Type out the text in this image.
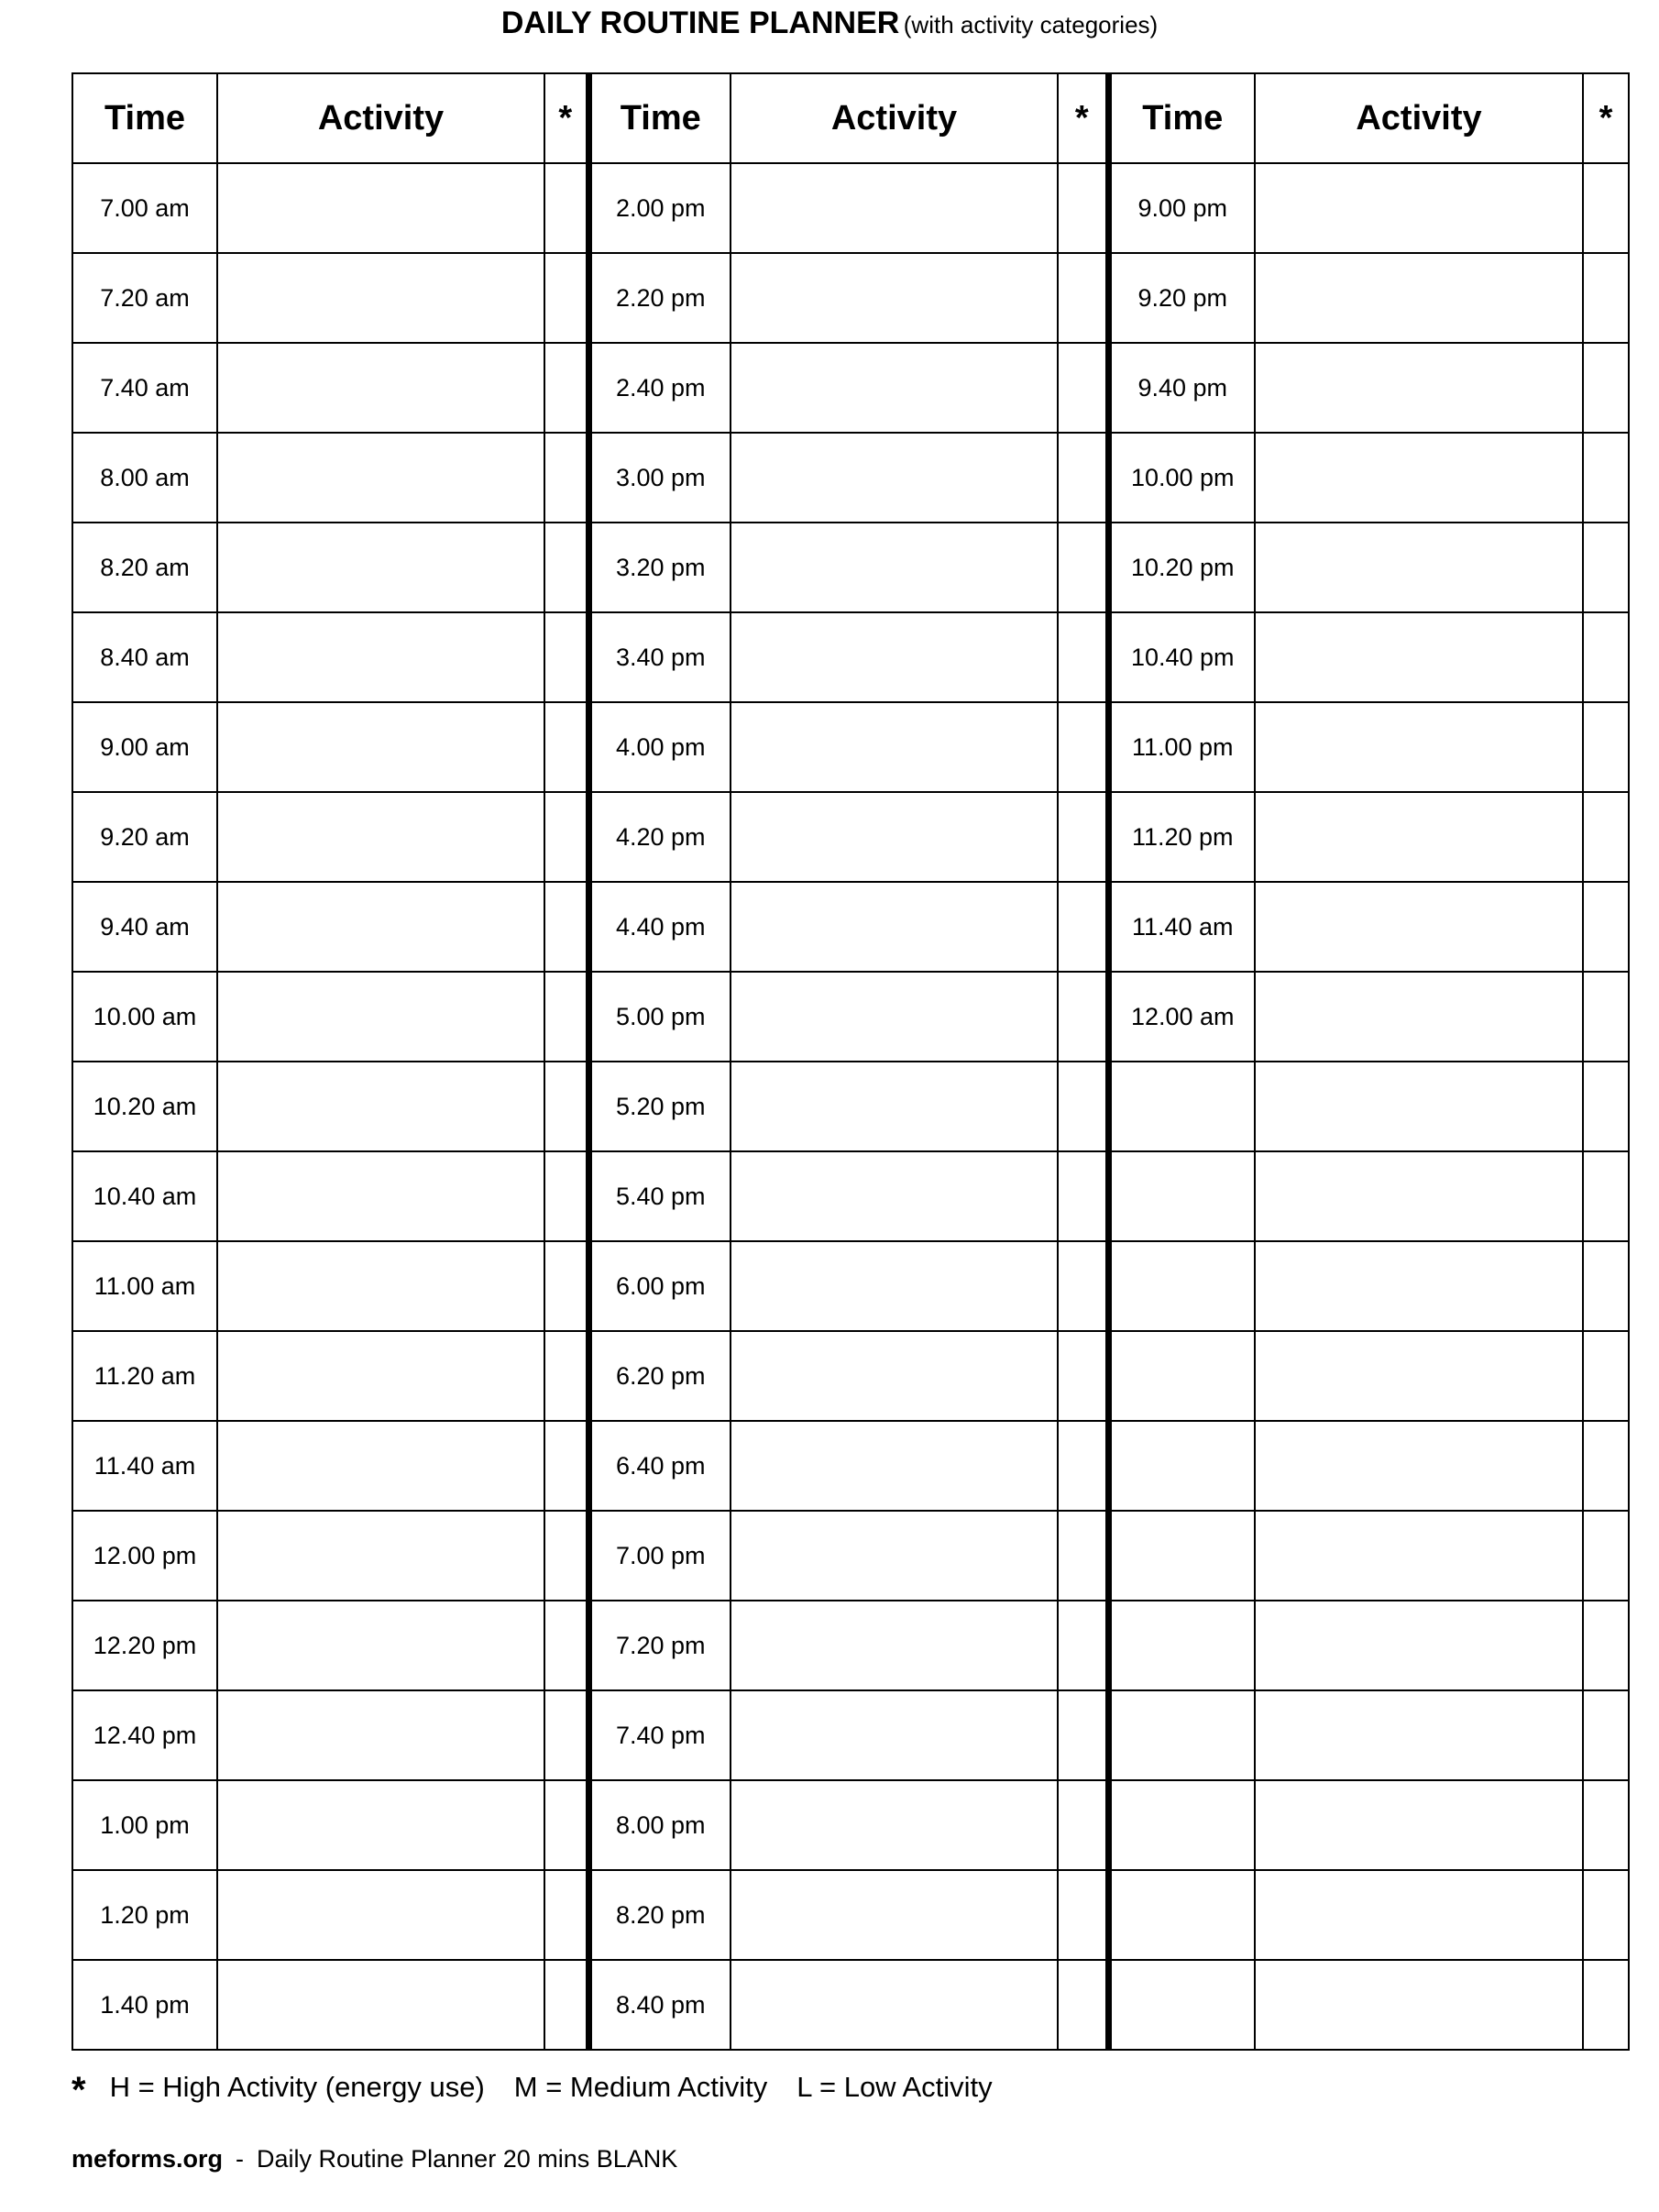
DAILY ROUTINE PLANNER (with activity categories)
Time	Activity	*	Time	Activity	*	Time	Activity	*
7.00 am			2.00 pm			9.00 pm		
7.20 am			2.20 pm			9.20 pm		
7.40 am			2.40 pm			9.40 pm		
8.00 am			3.00 pm			10.00 pm		
8.20 am			3.20 pm			10.20 pm		
8.40 am			3.40 pm			10.40 pm		
9.00 am			4.00 pm			11.00 pm		
9.20 am			4.20 pm			11.20 pm		
9.40 am			4.40 pm			11.40 am		
10.00 am			5.00 pm			12.00 am		
10.20 am			5.20 pm					
10.40 am			5.40 pm					
11.00 am			6.00 pm					
11.20 am			6.20 pm					
11.40 am			6.40 pm					
12.00 pm			7.00 pm					
12.20 pm			7.20 pm					
12.40 pm			7.40 pm					
1.00 pm			8.00 pm					
1.20 pm			8.20 pm					
1.40 pm			8.40 pm					
* H = High Activity (energy use) M = Medium Activity L = Low Activity
meforms.org - Daily Routine Planner 20 mins BLANK
